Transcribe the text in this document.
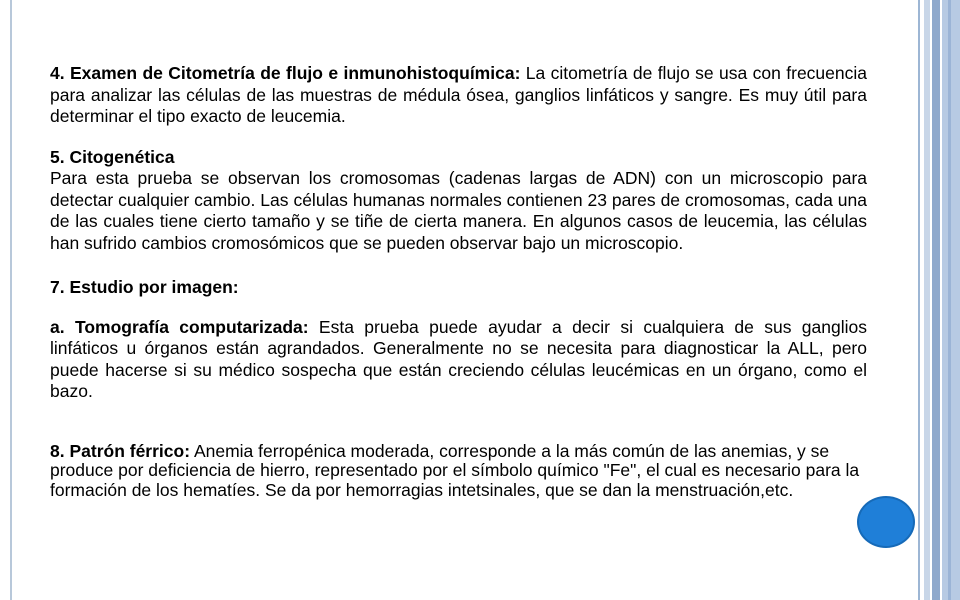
4. Examen de Citometría de flujo e inmunohistoquímica: La citometría de flujo se usa con frecuencia para analizar las células de las muestras de médula ósea, ganglios linfáticos y sangre. Es muy útil para determinar el tipo exacto de leucemia.

5. Citogenética

Para esta prueba se observan los cromosomas (cadenas largas de ADN) con un microscopio para detectar cualquier cambio. Las células humanas normales contienen 23 pares de cromosomas, cada una de las cuales tiene cierto tamaño y se tiñe de cierta manera. En algunos casos de leucemia, las células han sufrido cambios cromosómicos que se pueden observar bajo un microscopio.

7. Estudio por imagen:

a. Tomografía computarizada: Esta prueba puede ayudar a decir si cualquiera de sus ganglios linfáticos u órganos están agrandados. Generalmente no se necesita para diagnosticar la ALL, pero puede hacerse si su médico sospecha que están creciendo células leucémicas en un órgano, como el bazo.

8. Patrón férrico: Anemia ferropénica moderada, corresponde a la más común de las anemias, y se produce por deficiencia de hierro, representado por el símbolo químico "Fe", el cual es necesario para la formación de los hematíes. Se da por hemorragias intetsinales, que se dan la menstruación,etc.
